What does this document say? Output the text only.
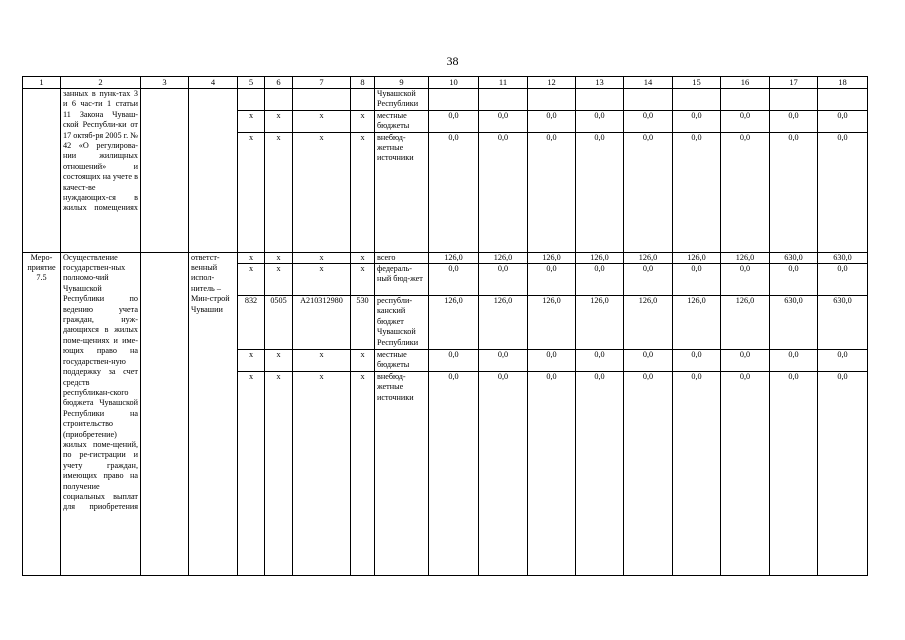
38
1	2	3	4	5	6	7	8	9	10	11	12	13	14	15	16	17	18
	занных в пунк-тах 3 и 6 час-ти 1 статьи 11 Закона Чуваш-ской Республи-ки от 17 октяб-ря 2005 г. № 42 «О регулирова-нии жилищных отношений» и состоящих на учете в качест-ве нуждающих-ся в жилых помещениях							Чувашской Республики									
				x	x	x	x	местные бюджеты	0,0	0,0	0,0	0,0	0,0	0,0	0,0	0,0	0,0
				x	x	x	x	внебюд-жетные источники	0,0	0,0	0,0	0,0	0,0	0,0	0,0	0,0	0,0
Меро-приятие 7.5	Осуществление государствен-ных полномо-чий Чувашской Республики по ведению учета граждан, нуж-дающихся в жилых поме-щениях и име-ющих право на государствен-ную поддержку за счет средств республикан-ского бюджета Чувашской Республики на строительство (приобретение) жилых поме-щений, по ре-гистрации и учету граждан, имеющих право на получение социальных выплат для приобретения		ответст-венный испол-нитель – Мин-строй Чувашии	x	x	x	x	всего	126,0	126,0	126,0	126,0	126,0	126,0	126,0	630,0	630,0
				x	x	x	x	федераль-ный бюд-жет	0,0	0,0	0,0	0,0	0,0	0,0	0,0	0,0	0,0
				832	0505	А210312980	530	республи-канский бюджет Чувашской Республики	126,0	126,0	126,0	126,0	126,0	126,0	126,0	630,0	630,0
				x	x	x	x	местные бюджеты	0,0	0,0	0,0	0,0	0,0	0,0	0,0	0,0	0,0
				x	x	x	x	внебюд-жетные источники	0,0	0,0	0,0	0,0	0,0	0,0	0,0	0,0	0,0
